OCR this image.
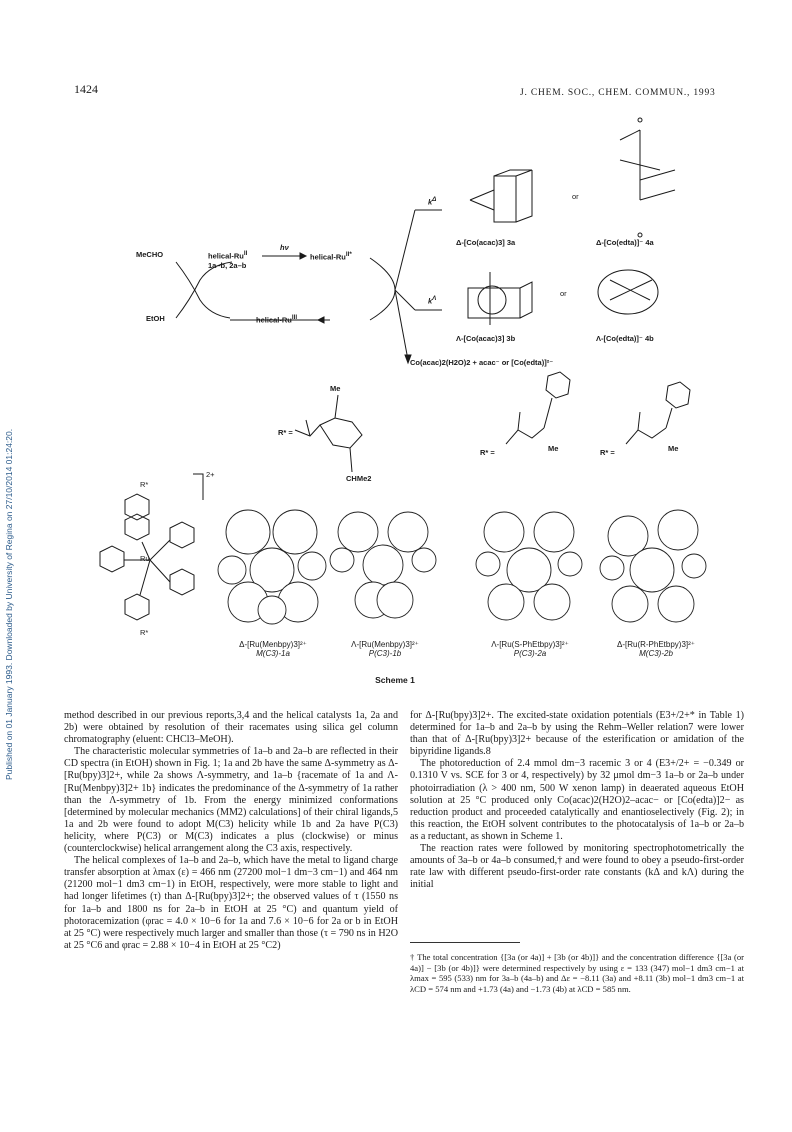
1424	J. CHEM. SOC., CHEM. COMMUN., 1993
Published on 01 January 1993. Downloaded by University of Regina on 27/10/2014 01:24:20.
MeCHO
EtOH
helical-$Ru^{II}$
1a–b, 2a–b
hν
helical-$Ru^{II*}$
helical-$Ru^{III}$
$k^\Delta$
$k^\Lambda$
or
or
Δ-[Co(acac)3] 3a	Δ-[Co(edta)]⁻ 4a
Λ-[Co(acac)3] 3b	Λ-[Co(edta)]⁻ 4b
Co(acac)2(H2O)2 + acac⁻ or [Co(edta)]²⁻
R* =
Me
CHMe2
R* =	Me	R* =	Me
2+
R*
Ru
R*
Δ-[Ru(Menbpy)3]²⁺
M(C3)-1a
Λ-[Ru(Menbpy)3]²⁺
P(C3)-1b
Λ-[Ru(S-PhEtbpy)3]²⁺
P(C3)-2a
Δ-[Ru(R-PhEtbpy)3]²⁺
M(C3)-2b
Scheme 1

method described in our previous reports,3,4 and the helical catalysts 1a, 2a and 2b) were obtained by resolution of their racemates using silica gel column chromatography (eluent: CHCl3–MeOH).

The characteristic molecular symmetries of 1a–b and 2a–b are reflected in their CD spectra (in EtOH) shown in Fig. 1; 1a and 2b have the same Δ-symmetry as Δ-[Ru(bpy)3]2+, while 2a shows Λ-symmetry, and 1a–b {racemate of 1a and Λ-[Ru(Menbpy)3]2+ 1b} indicates the predominance of the Δ-symmetry of 1a rather than the Λ-symmetry of 1b. From the energy minimized conformations [determined by molecular mechanics (MM2) calculations] of their chiral ligands,5 1a and 2b were found to adopt M(C3) helicity while 1b and 2a have P(C3) helicity, where P(C3) or M(C3) indicates a plus (clockwise) or minus (counterclockwise) helical arrangement along the C3 axis, respectively.

The helical complexes of 1a–b and 2a–b, which have the metal to ligand charge transfer absorption at λmax (ε) = 466 nm (27200 mol−1 dm−3 cm−1) and 464 nm (21200 mol−1 dm3 cm−1) in EtOH, respectively, were more stable to light and had longer lifetimes (τ) than Δ-[Ru(bpy)3]2+; the observed values of τ (1550 ns for 1a–b and 1800 ns for 2a–b in EtOH at 25 °C) and quantum yield of photoracemization (φrac = 4.0 × 10−6 for 1a and 7.6 × 10−6 for 2a or b in EtOH at 25 °C) were respectively much larger and smaller than those (τ = 790 ns in H2O at 25 °C6 and φrac = 2.88 × 10−4 in EtOH at 25 °C2)

for Δ-[Ru(bpy)3]2+. The excited-state oxidation potentials (E3+/2+* in Table 1) determined for 1a–b and 2a–b by using the Rehm–Weller relation7 were lower than that of Δ-[Ru(bpy)3]2+ because of the esterification or amidation of the bipyridine ligands.8

The photoreduction of 2.4 mmol dm−3 racemic 3 or 4 (E3+/2+ = −0.349 or 0.1310 V vs. SCE for 3 or 4, respectively) by 32 μmol dm−3 1a–b or 2a–b under photoirradiation (λ > 400 nm, 500 W xenon lamp) in deaerated aqueous EtOH solution at 25 °C produced only Co(acac)2(H2O)2–acac− or [Co(edta)]2− as reduction product and proceeded catalytically and enantioselectively (Fig. 2); in this reaction, the EtOH solvent contributes to the photocatalysis of 1a–b or 2a–b as a reductant, as shown in Scheme 1.

The reaction rates were followed by monitoring spectrophotometrically the amounts of 3a–b or 4a–b consumed,† and were found to obey a pseudo-first-order rate law with different pseudo-first-order rate constants (kΔ and kΛ) during the initial

† The total concentration {[3a (or 4a)] + [3b (or 4b)]} and the concentration difference {[3a (or 4a)] − [3b (or 4b)]} were determined respectively by using ε = 133 (347) mol−1 dm3 cm−1 at λmax = 595 (533) nm for 3a–b (4a–b) and Δε = −8.11 (3a) and +8.11 (3b) mol−1 dm3 cm−1 at λCD = 574 nm and +1.73 (4a) and −1.73 (4b) at λCD = 585 nm.
